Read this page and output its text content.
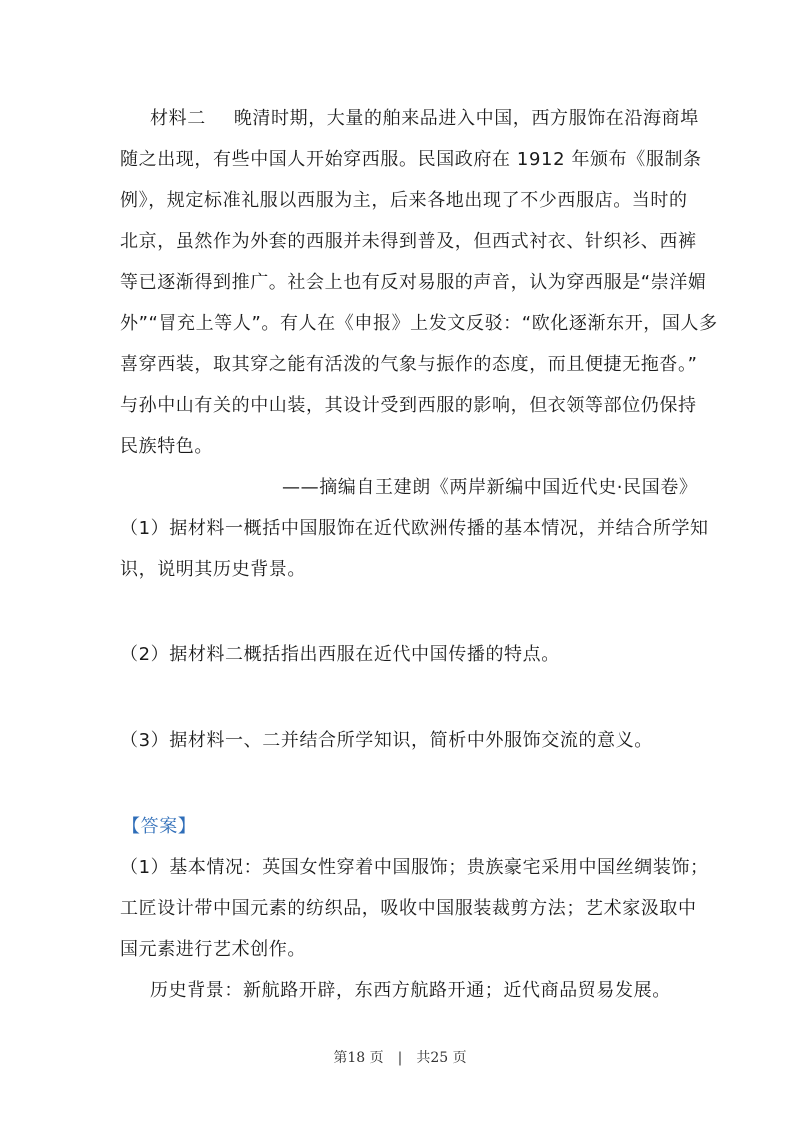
材料二 晚清时期，大量的舶来品进入中国，西方服饰在沿海商埠
随之出现，有些中国人开始穿西服。民国政府在 1912 年颁布《服制条
例》，规定标准礼服以西服为主，后来各地出现了不少西服店。当时的
北京，虽然作为外套的西服并未得到普及，但西式衬衣、针织衫、西裤
等已逐渐得到推广。社会上也有反对易服的声音，认为穿西服是“崇洋媚
外”“冒充上等人”。有人在《申报》上发文反驳：“欧化逐渐东开，国人多
喜穿西装，取其穿之能有活泼的气象与振作的态度，而且便捷无拖沓。”
与孙中山有关的中山装，其设计受到西服的影响，但衣领等部位仍保持
民族特色。
——摘编自王建朗《两岸新编中国近代史·民国卷》
（1）据材料一概括中国服饰在近代欧洲传播的基本情况，并结合所学知
识，说明其历史背景。
（2）据材料二概括指出西服在近代中国传播的特点。
（3）据材料一、二并结合所学知识，简析中外服饰交流的意义。
【答案】
（1）基本情况：英国女性穿着中国服饰；贵族豪宅采用中国丝绸装饰；
工匠设计带中国元素的纺织品，吸收中国服装裁剪方法；艺术家汲取中
国元素进行艺术创作。
历史背景：新航路开辟，东西方航路开通；近代商品贸易发展。
第18 页 | 共25 页
